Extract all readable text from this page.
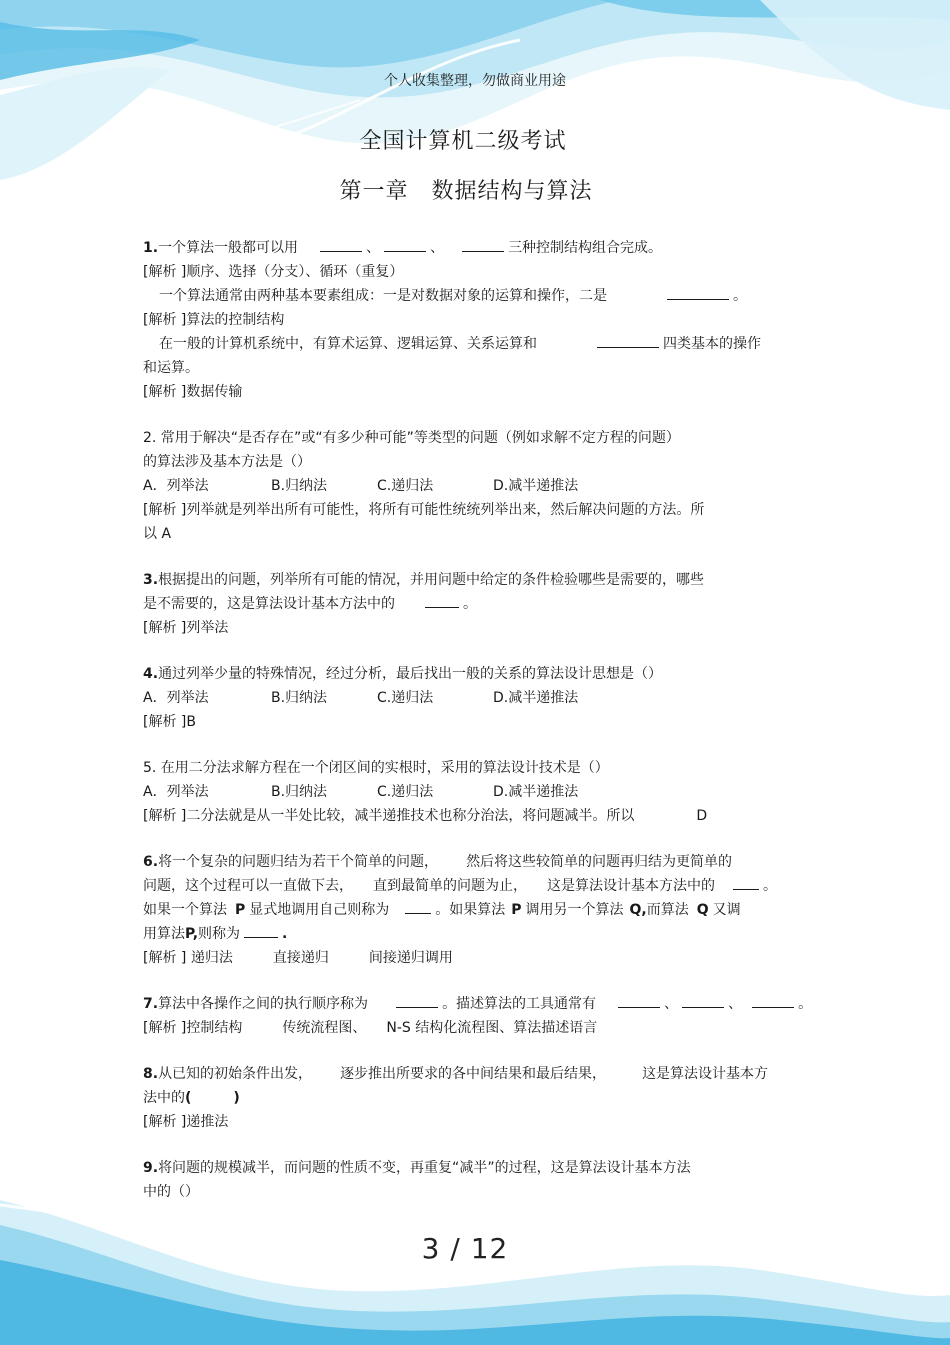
个人收集整理，勿做商业用途
全国计算机二级考试
第一章　数据结构与算法
1.一个算法一般都可以用	、	、	三种控制结构组合完成。
[解析 ]顺序、选择（分支）、循环（重复）
一个算法通常由两种基本要素组成：一是对数据对象的运算和操作，二是	。
[解析 ]算法的控制结构
在一般的计算机系统中，有算术运算、逻辑运算、关系运算和	四类基本的操作
和运算。
[解析 ]数据传输
2. 常用于解决“是否存在”或“有多少种可能”等类型的问题（例如求解不定方程的问题）
的算法涉及基本方法是（）
A．列举法	B.归纳法	C.递归法	D.减半递推法
[解析 ]列举就是列举出所有可能性，将所有可能性统统列举出来，然后解决问题的方法。所
以 A
3.根据提出的问题，列举所有可能的情况，并用问题中给定的条件检验哪些是需要的，哪些
是不需要的，这是算法设计基本方法中的	。
[解析 ]列举法
4.通过列举少量的特殊情况，经过分析，最后找出一般的关系的算法设计思想是（）
A．列举法	B.归纳法	C.递归法	D.减半递推法
[解析 ]B
5. 在用二分法求解方程在一个闭区间的实根时，采用的算法设计技术是（）
A．列举法	B.归纳法	C.递归法	D.减半递推法
[解析 ]二分法就是从一半处比较，减半递推技术也称分治法，将问题减半。所以	D
6.将一个复杂的问题归结为若干个简单的问题， 然后将这些较简单的问题再归结为更简单的
问题，这个过程可以一直做下去， 直到最简单的问题为止， 这是算法设计基本方法中的	。
如果一个算法 P 显式地调用自己则称为	。如果算法 P 调用另一个算法 Q,而算法 Q 又调
用算法P,则称为	.
[解析 ] 递归法	直接递归	间接递归调用
7.算法中各操作之间的执行顺序称为	。描述算法的工具通常有	、	、	。
[解析 ]控制结构	传统流程图、 N-S 结构化流程图、算法描述语言
8.从已知的初始条件出发， 逐步推出所要求的各中间结果和最后结果，	这是算法设计基本方
法中的(　　　)
[解析 ]递推法
9.将问题的规模减半，而问题的性质不变，再重复“减半”的过程，这是算法设计基本方法
中的（）
3 / 12
